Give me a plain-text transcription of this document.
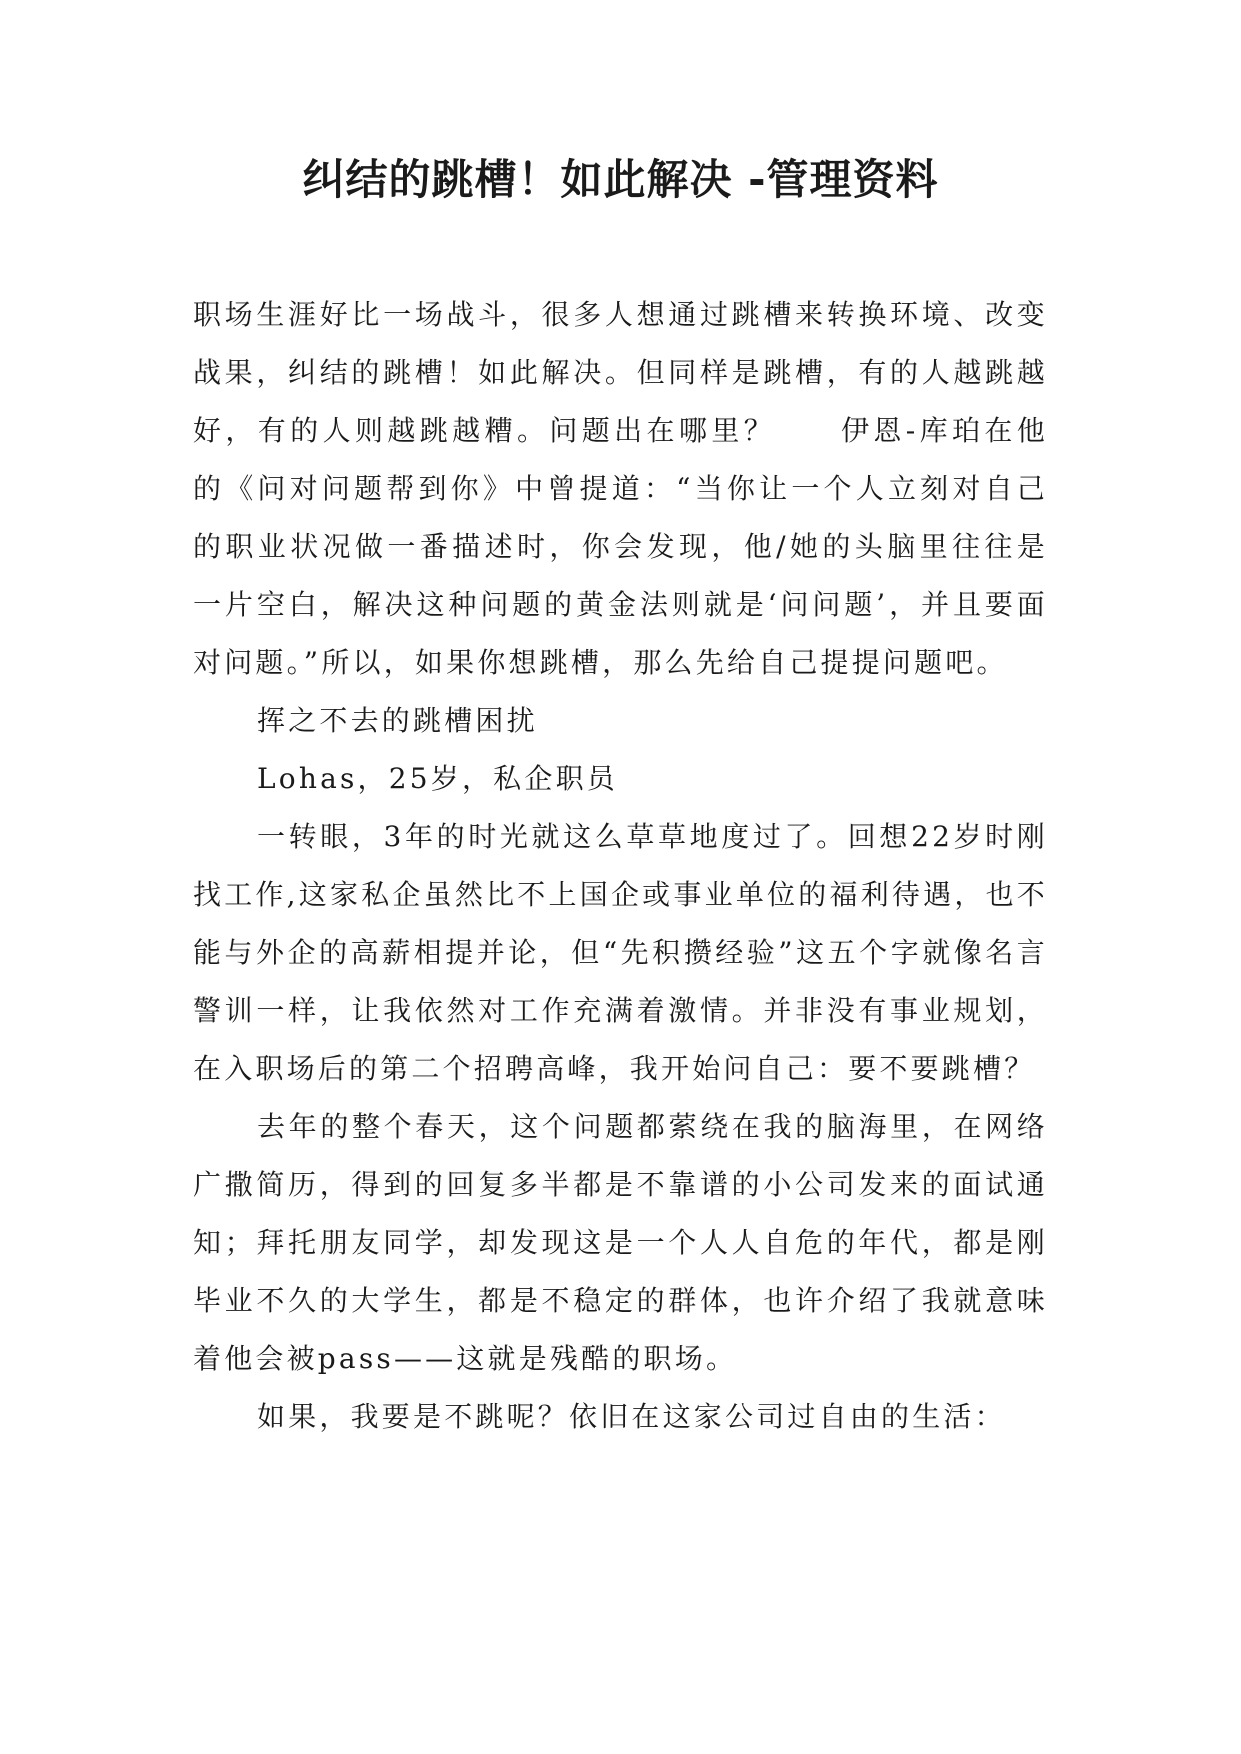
纠结的跳槽！如此解决 -管理资料

职场生涯好比一场战斗，很多人想通过跳槽来转换环境、改变战果，纠结的跳槽！如此解决。但同样是跳槽，有的人越跳越好，有的人则越跳越糟。问题出在哪里？　　伊恩-库珀在他的《问对问题帮到你》中曾提道：“当你让一个人立刻对自己的职业状况做一番描述时，你会发现，他/她的头脑里往往是一片空白，解决这种问题的黄金法则就是‘问问题’，并且要面对问题。”所以，如果你想跳槽，那么先给自己提提问题吧。

挥之不去的跳槽困扰

Lohas，25岁，私企职员

一转眼，3年的时光就这么草草地度过了。回想22岁时刚找工作,这家私企虽然比不上国企或事业单位的福利待遇，也不能与外企的高薪相提并论，但“先积攒经验”这五个字就像名言警训一样，让我依然对工作充满着激情。并非没有事业规划，在入职场后的第二个招聘高峰，我开始问自己：要不要跳槽？

去年的整个春天，这个问题都萦绕在我的脑海里，在网络广撒简历，得到的回复多半都是不靠谱的小公司发来的面试通知；拜托朋友同学，却发现这是一个人人自危的年代，都是刚毕业不久的大学生，都是不稳定的群体，也许介绍了我就意味着他会被pass——这就是残酷的职场。

如果，我要是不跳呢？依旧在这家公司过自由的生活：
